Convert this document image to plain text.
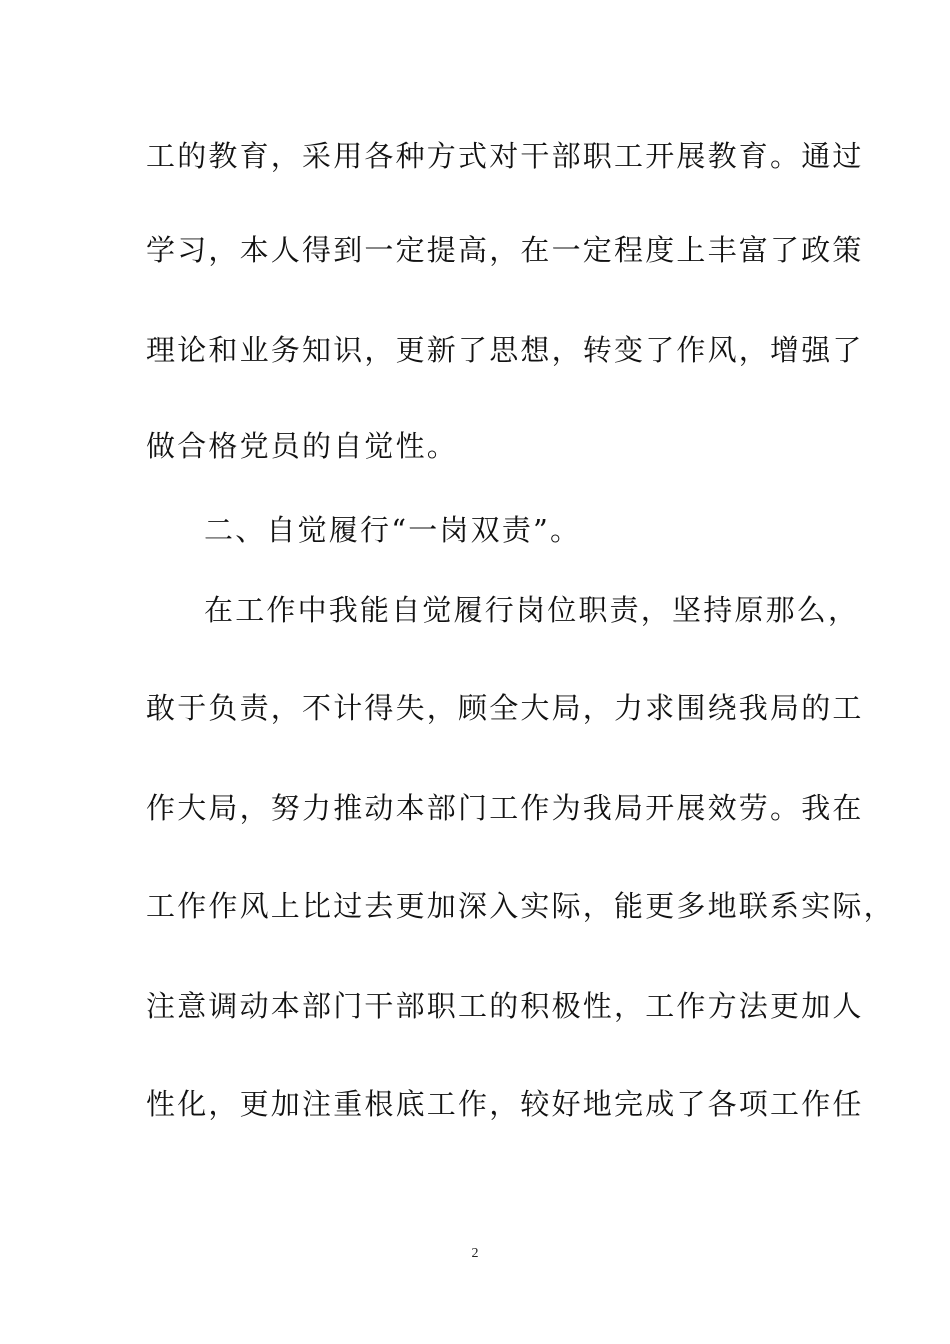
工的教育，采用各种方式对干部职工开展教育。通过
学习，本人得到一定提高，在一定程度上丰富了政策
理论和业务知识，更新了思想，转变了作风，增强了
做合格党员的自觉性。
二、自觉履行“一岗双责”。
在工作中我能自觉履行岗位职责，坚持原那么，
敢于负责，不计得失，顾全大局，力求围绕我局的工
作大局，努力推动本部门工作为我局开展效劳。我在
工作作风上比过去更加深入实际，能更多地联系实际，
注意调动本部门干部职工的积极性，工作方法更加人
性化，更加注重根底工作，较好地完成了各项工作任
2
